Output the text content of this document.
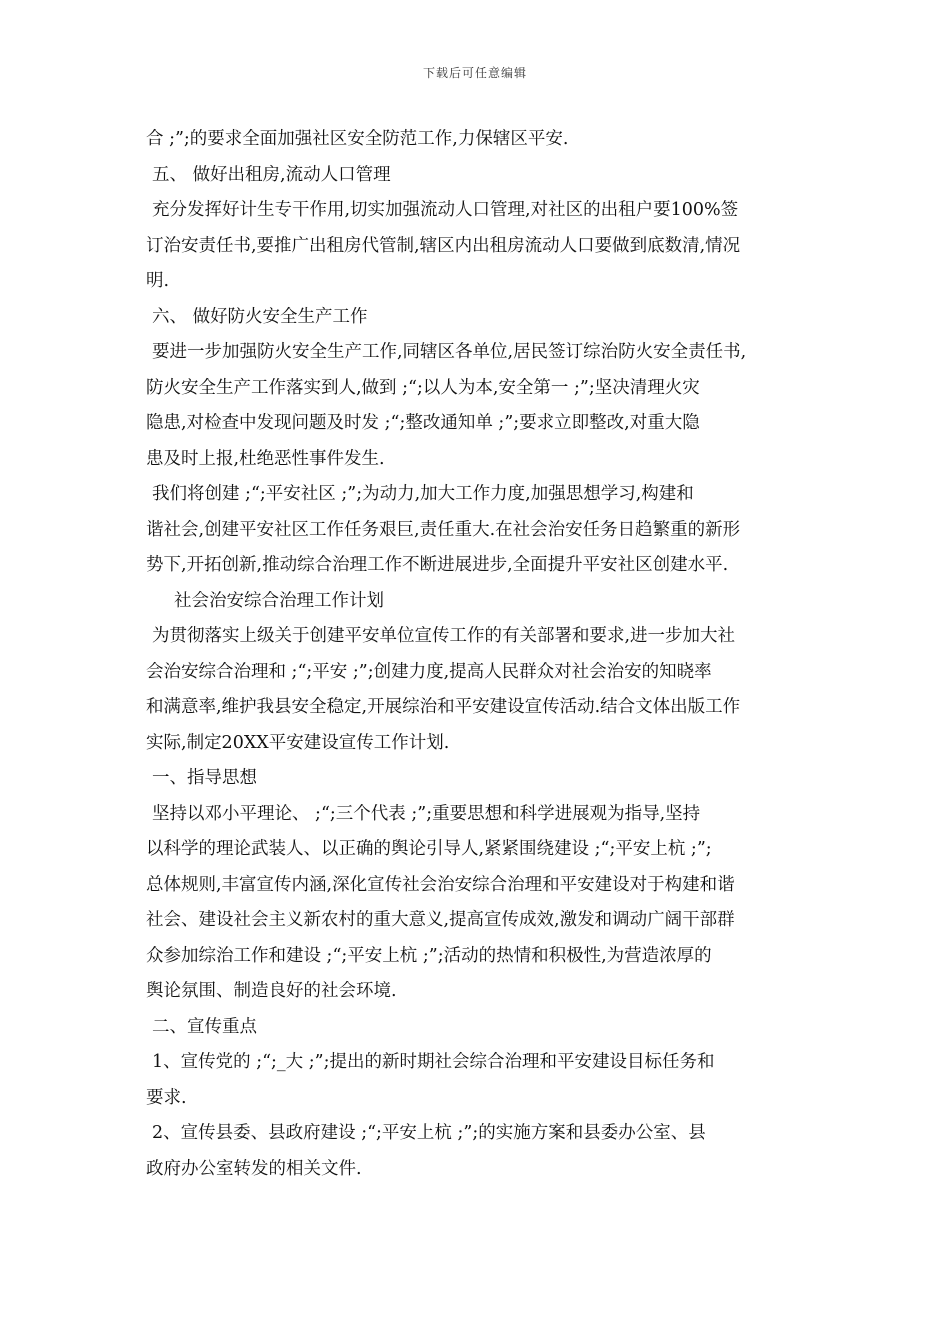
下载后可任意编辑
合 ;”;的要求全面加强社区安全防范工作,力保辖区平安.
五、 做好出租房,流动人口管理
充分发挥好计生专干作用,切实加强流动人口管理,对社区的出租户要100%签
订治安责任书,要推广出租房代管制,辖区内出租房流动人口要做到底数清,情况
明.
六、 做好防火安全生产工作
要进一步加强防火安全生产工作,同辖区各单位,居民签订综治防火安全责任书,
防火安全生产工作落实到人,做到 ;“;以人为本,安全第一 ;”;坚决清理火灾
隐患,对检查中发现问题及时发 ;“;整改通知单 ;”;要求立即整改,对重大隐
患及时上报,杜绝恶性事件发生.
我们将创建 ;“;平安社区 ;”;为动力,加大工作力度,加强思想学习,构建和
谐社会,创建平安社区工作任务艰巨,责任重大.在社会治安任务日趋繁重的新形
势下,开拓创新,推动综合治理工作不断进展进步,全面提升平安社区创建水平.
社会治安综合治理工作计划
为贯彻落实上级关于创建平安单位宣传工作的有关部署和要求,进一步加大社
会治安综合治理和 ;“;平安 ;”;创建力度,提高人民群众对社会治安的知晓率
和满意率,维护我县安全稳定,开展综治和平安建设宣传活动.结合文体出版工作
实际,制定20XX平安建设宣传工作计划.
一、指导思想
坚持以邓小平理论、 ;“;三个代表 ;”;重要思想和科学进展观为指导,坚持
以科学的理论武装人、以正确的舆论引导人,紧紧围绕建设 ;“;平安上杭 ;”;
总体规则,丰富宣传内涵,深化宣传社会治安综合治理和平安建设对于构建和谐
社会、建设社会主义新农村的重大意义,提高宣传成效,激发和调动广阔干部群
众参加综治工作和建设 ;“;平安上杭 ;”;活动的热情和积极性,为营造浓厚的
舆论氛围、制造良好的社会环境.
二、宣传重点
1、宣传党的 ;“;_大 ;”;提出的新时期社会综合治理和平安建设目标任务和
要求.
2、宣传县委、县政府建设 ;“;平安上杭 ;”;的实施方案和县委办公室、县
政府办公室转发的相关文件.
